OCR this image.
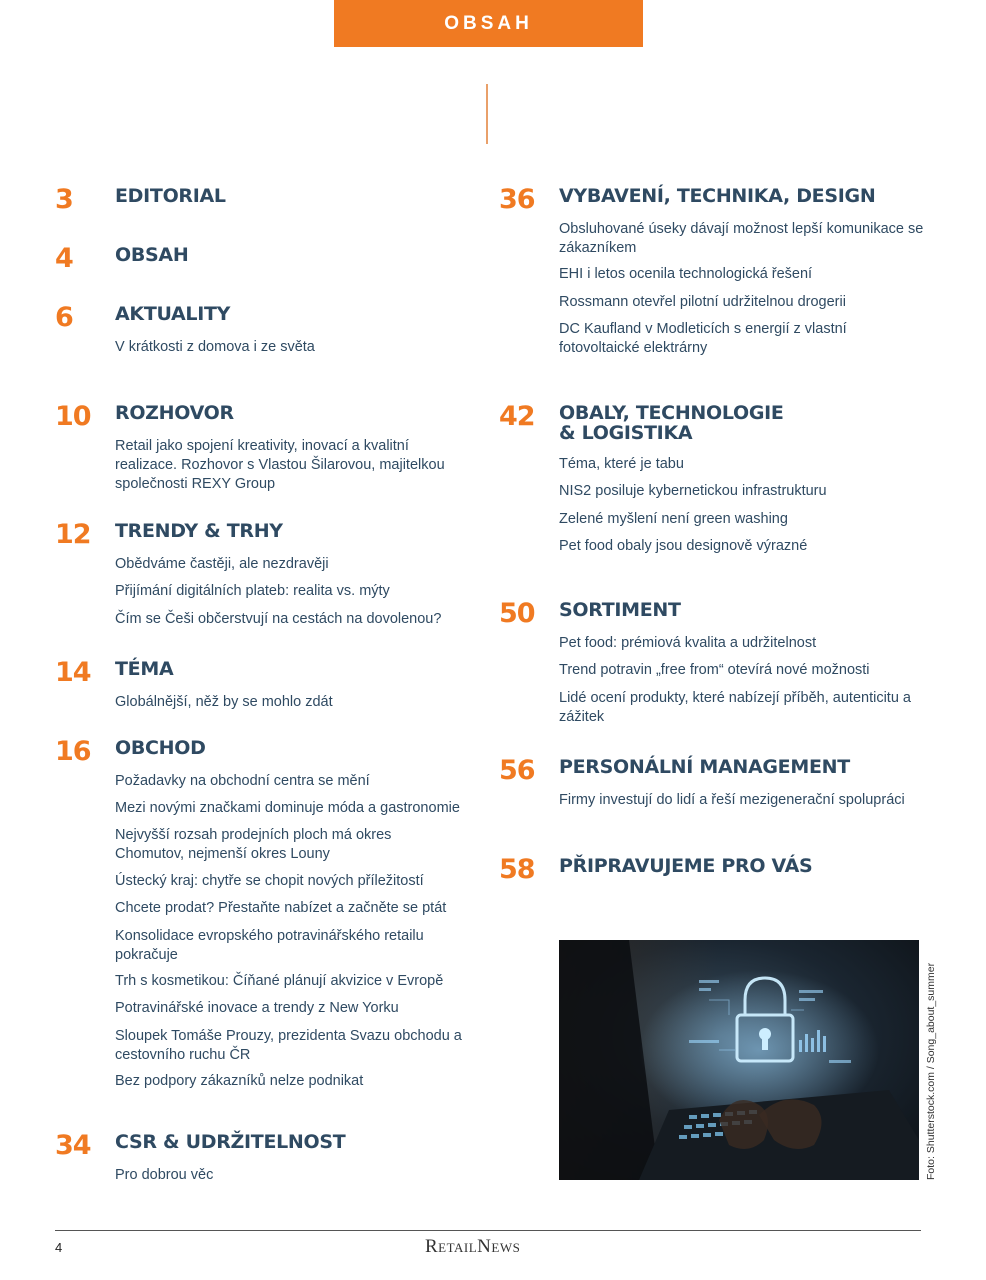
OBSAH
3 EDITORIAL
4 OBSAH
6 AKTUALITY

V krátkosti z domova i ze světa

10 ROZHOVOR

Retail jako spojení kreativity, inovací a kvalitní realizace. Rozhovor s Vlastou Šilarovou, majitelkou společnosti REXY Group

12 TRENDY & TRHY

Obědváme častěji, ale nezdravěji

Přijímání digitálních plateb: realita vs. mýty

Čím se Češi občerstvují na cestách na dovolenou?

14 TÉMA

Globálnější, něž by se mohlo zdát

16 OBCHOD

Požadavky na obchodní centra se mění

Mezi novými značkami dominuje móda a gastronomie

Nejvyšší rozsah prodejních ploch má okres Chomutov, nejmenší okres Louny

Ústecký kraj: chytře se chopit nových příležitostí

Chcete prodat? Přestaňte nabízet a začněte se ptát

Konsolidace evropského potravinářského retailu pokračuje

Trh s kosmetikou: Číňané plánují akvizice v Evropě

Potravinářské inovace a trendy z New Yorku

Sloupek Tomáše Prouzy, prezidenta Svazu obchodu a cestovního ruchu ČR

Bez podpory zákazníků nelze podnikat

34 CSR & UDRŽITELNOST

Pro dobrou věc

36 VYBAVENÍ, TECHNIKA, DESIGN

Obsluhované úseky dávají možnost lepší komunikace se zákazníkem

EHI i letos ocenila technologická řešení

Rossmann otevřel pilotní udržitelnou drogerii

DC Kaufland v Modleticích s energií z vlastní fotovoltaické elektrárny

42 OBALY, TECHNOLOGIE
& LOGISTIKA

Téma, které je tabu

NIS2 posiluje kybernetickou infrastrukturu

Zelené myšlení není green washing

Pet food obaly jsou designově výrazné

50 SORTIMENT

Pet food: prémiová kvalita a udržitelnost

Trend potravin „free from“ otevírá nové možnosti

Lidé ocení produkty, které nabízejí příběh, autenticitu a zážitek

56 PERSONÁLNÍ MANAGEMENT

Firmy investují do lidí a řeší mezigenerační spolupráci

58 PŘIPRAVUJEME PRO VÁS
Foto: Shutterstock.com / Song_about_summer
4	RetailNews
